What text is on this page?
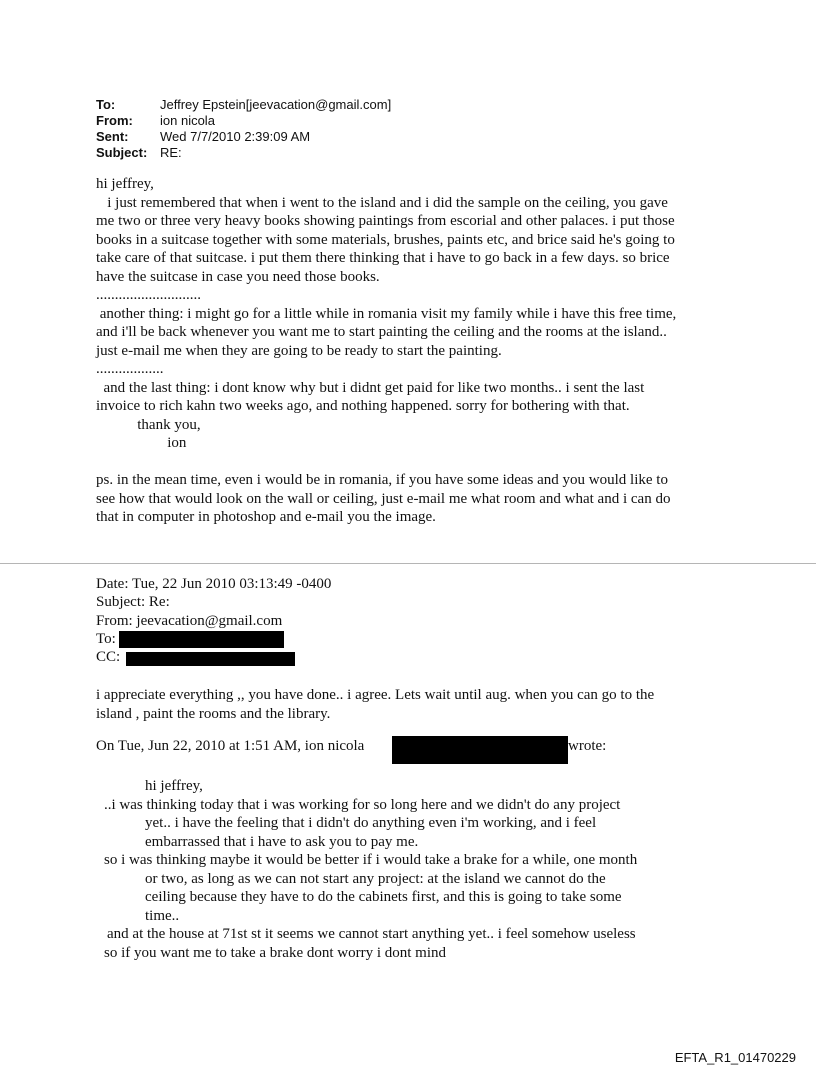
To:	Jeffrey Epstein[jeevacation@gmail.com]
From: ion nicola
Sent: Wed 7/7/2010 2:39:09 AM
Subject: RE:
hi jeffrey,
i just remembered that when i went to the island and i did the sample on the ceiling, you gave
me two or three very heavy books showing paintings from escorial and other palaces. i put those
books in a suitcase together with some materials, brushes, paints etc, and brice said he's going to
take care of that suitcase. i put them there thinking that i have to go back in a few days. so brice
have the suitcase in case you need those books.
............................
another thing: i might go for a little while in romania visit my family while i have this free time,
and i'll be back whenever you want me to start painting the ceiling and the rooms at the island..
just e-mail me when they are going to be ready to start the painting.
..................
and the last thing: i dont know why but i didnt get paid for like two months.. i sent the last
invoice to rich kahn two weeks ago, and nothing happened. sorry for bothering with that.
thank you,
ion

ps. in the mean time, even i would be in romania, if you have some ideas and you would like to
see how that would look on the wall or ceiling, just e-mail me what room and what and i can do
that in computer in photoshop and e-mail you the image.
Date: Tue, 22 Jun 2010 03:13:49 -0400
Subject: Re:
From: jeevacation@gmail.com
To:
CC:
i appreciate everything ,, you have done.. i agree. Lets wait until aug. when you can go to the
island , paint the rooms and the library.
On Tue, Jun 22, 2010 at 1:51 AM, ion nicola	wrote:
hi jeffrey,
..i was thinking today that i was working for so long here and we didn't do any project
yet.. i have the feeling that i didn't do anything even i'm working, and i feel
embarrassed that i have to ask you to pay me.
so i was thinking maybe it would be better if i would take a brake for a while, one month
or two, as long as we can not start any project: at the island we cannot do the
ceiling because they have to do the cabinets first, and this is going to take some
time..
and at the house at 71st st it seems we cannot start anything yet.. i feel somehow useless
so if you want me to take a brake dont worry i dont mind
EFTA_R1_01470229
